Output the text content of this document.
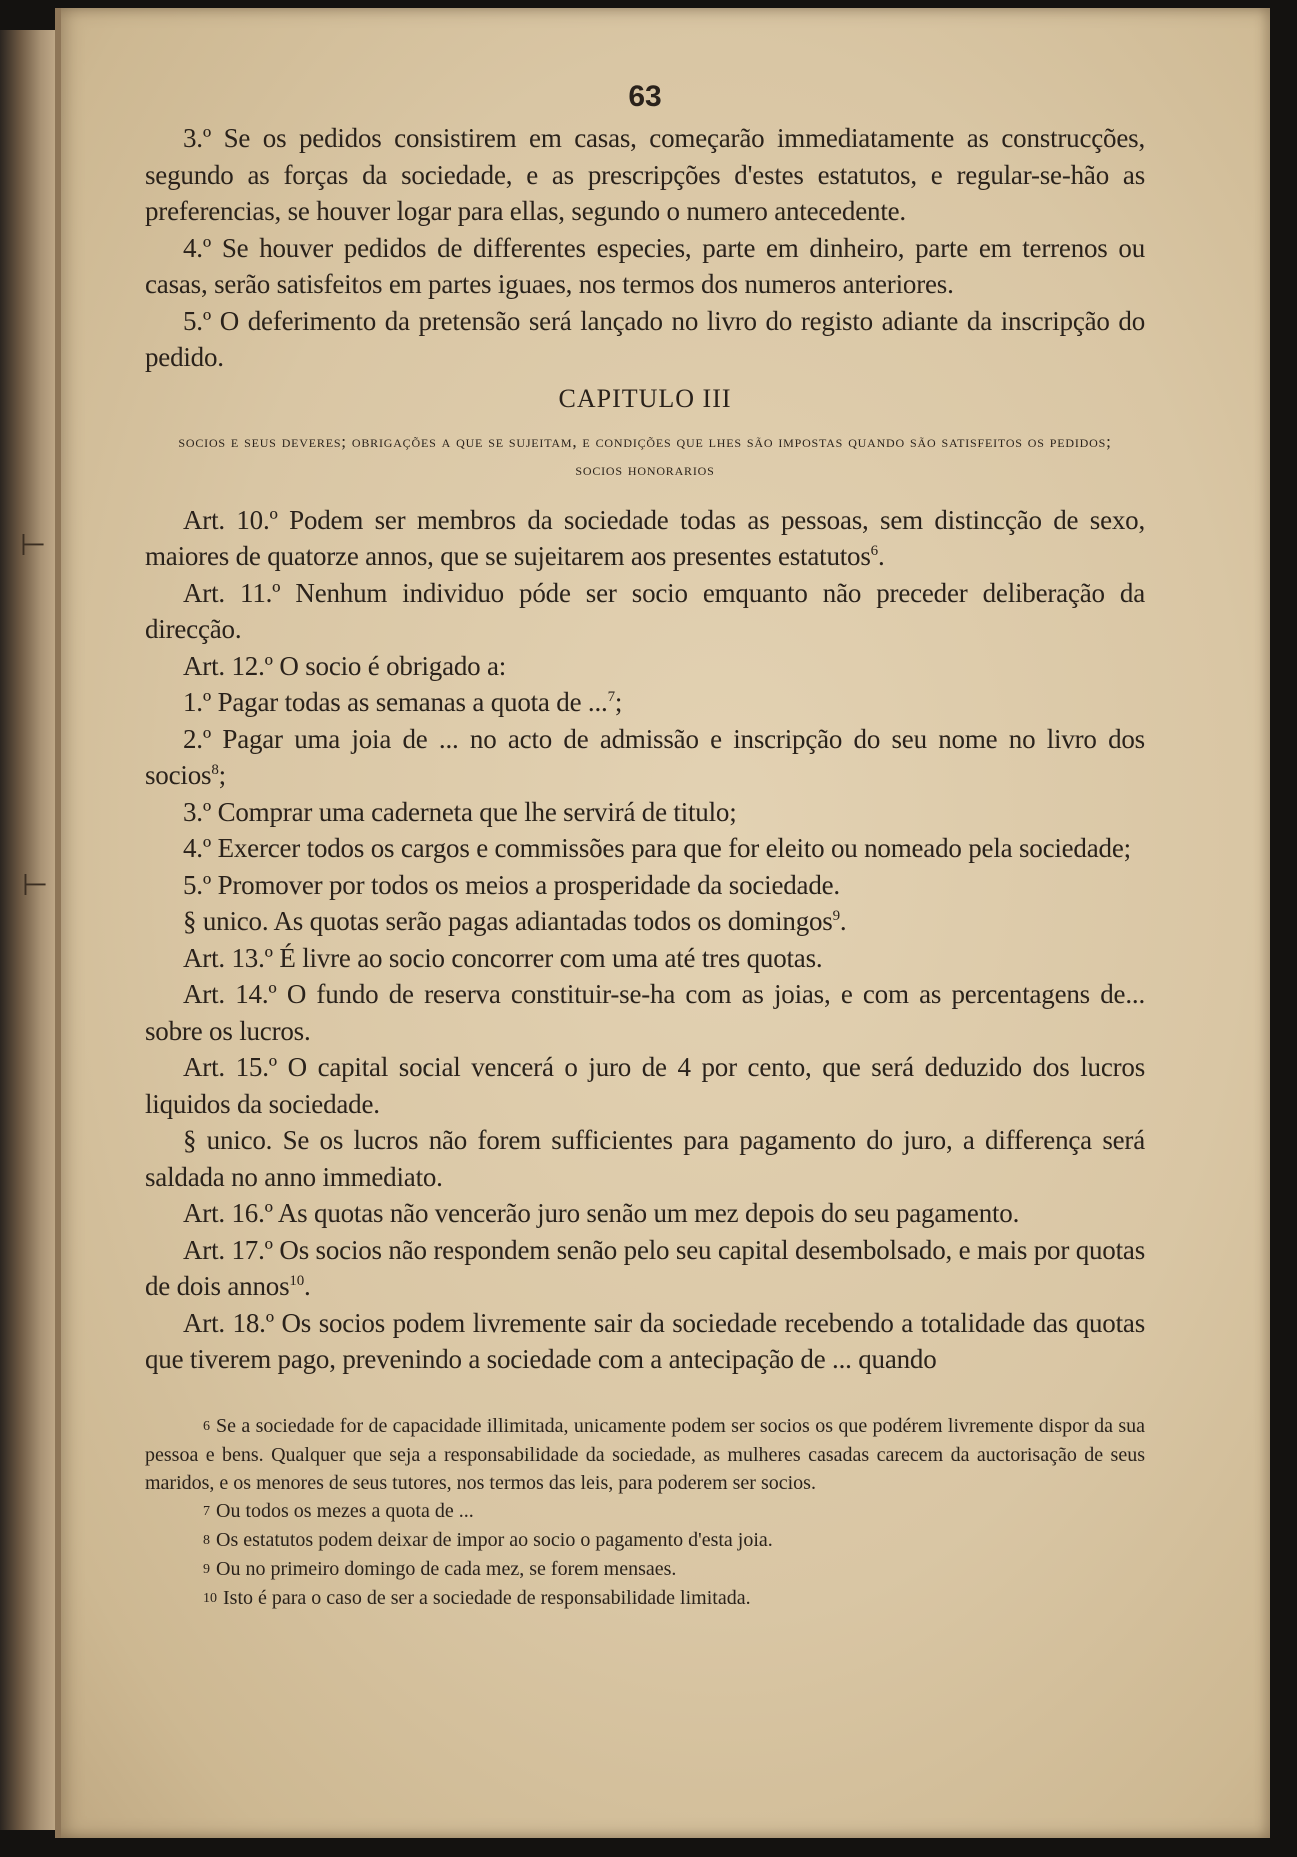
⊢
⊢
63

3.º Se os pedidos consistirem em casas, começarão immediatamente as construcções, segundo as forças da sociedade, e as prescripções d'estes estatutos, e regular-se-hão as preferencias, se houver logar para ellas, segundo o numero antecedente.

4.º Se houver pedidos de differentes especies, parte em dinheiro, parte em terrenos ou casas, serão satisfeitos em partes iguaes, nos termos dos numeros anteriores.

5.º O deferimento da pretensão será lançado no livro do registo adiante da inscripção do pedido.

CAPITULO III
socios e seus deveres; obrigações a que se sujeitam, e condições que lhes são impostas quando são satisfeitos os pedidos; socios honorarios

Art. 10.º Podem ser membros da sociedade todas as pessoas, sem distincção de sexo, maiores de quatorze annos, que se sujeitarem aos presentes estatutos$^6$.

Art. 11.º Nenhum individuo póde ser socio emquanto não preceder deliberação da direcção.

Art. 12.º O socio é obrigado a:

1.º Pagar todas as semanas a quota de ...$^7$;

2.º Pagar uma joia de ... no acto de admissão e inscripção do seu nome no livro dos socios$^8$;

3.º Comprar uma caderneta que lhe servirá de titulo;

4.º Exercer todos os cargos e commissões para que for eleito ou nomeado pela sociedade;

5.º Promover por todos os meios a prosperidade da sociedade.

§ unico. As quotas serão pagas adiantadas todos os domingos$^9$.

Art. 13.º É livre ao socio concorrer com uma até tres quotas.

Art. 14.º O fundo de reserva constituir-se-ha com as joias, e com as percentagens de... sobre os lucros.

Art. 15.º O capital social vencerá o juro de 4 por cento, que será deduzido dos lucros liquidos da sociedade.

§ unico. Se os lucros não forem sufficientes para pagamento do juro, a differença será saldada no anno immediato.

Art. 16.º As quotas não vencerão juro senão um mez depois do seu pagamento.

Art. 17.º Os socios não respondem senão pelo seu capital desembolsado, e mais por quotas de dois annos$^{10}$.

Art. 18.º Os socios podem livremente sair da sociedade recebendo a totalidade das quotas que tiverem pago, prevenindo a sociedade com a antecipação de ... quando

6 Se a sociedade for de capacidade illimitada, unicamente podem ser socios os que podérem livremente dispor da sua pessoa e bens. Qualquer que seja a responsabilidade da sociedade, as mulheres casadas carecem da auctorisação de seus maridos, e os menores de seus tutores, nos termos das leis, para poderem ser socios.

7 Ou todos os mezes a quota de ...

8 Os estatutos podem deixar de impor ao socio o pagamento d'esta joia.

9 Ou no primeiro domingo de cada mez, se forem mensaes.

10 Isto é para o caso de ser a sociedade de responsabilidade limitada.
